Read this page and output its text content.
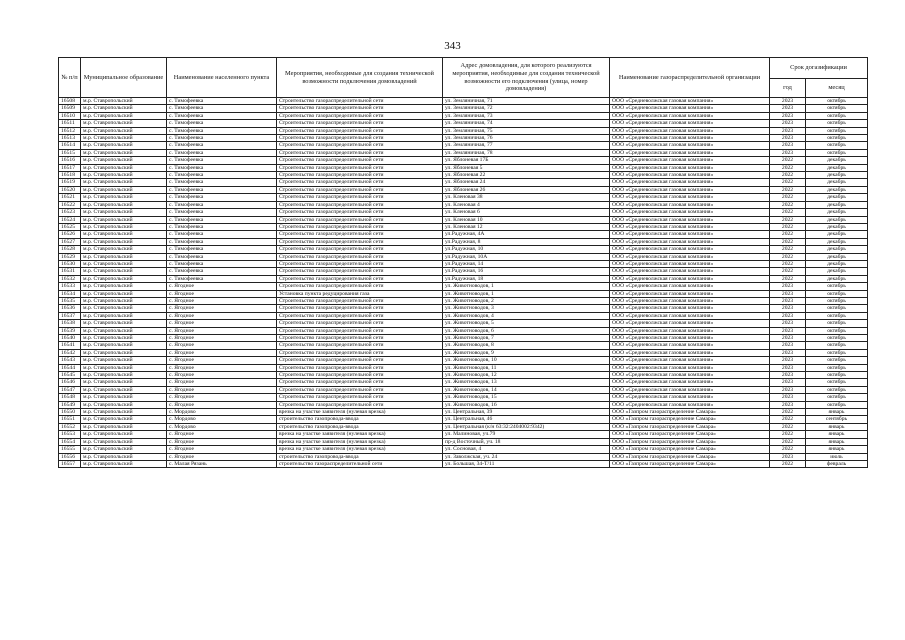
343
№ п/п	Муниципальное образование	Наименование населенного пункта	Мероприятия, необходимые для создания технической возможности подключения домовладений	Адрес домовладения, для которого реализуются мероприятия, необходимые для создания технической возможности его подключения (улица, номер домовладения)	Наименование газораспределительной организации	Срок догазификации	
						год	месяц
16508	м.р. Ставропольский	с. Тимофеевка	Строительство газораспределительной сети	ул. Земляничная, 71	ООО «Средневолжская газовая компания»	2023	октябрь
16509	м.р. Ставропольский	с. Тимофеевка	Строительство газораспределительной сети	ул. Земляничная, 72	ООО «Средневолжская газовая компания»	2023	октябрь
16510	м.р. Ставропольский	с. Тимофеевка	Строительство газораспределительной сети	ул. Земляничная, 73	ООО «Средневолжская газовая компания»	2023	октябрь
16511	м.р. Ставропольский	с. Тимофеевка	Строительство газораспределительной сети	ул. Земляничная, 74	ООО «Средневолжская газовая компания»	2023	октябрь
16512	м.р. Ставропольский	с. Тимофеевка	Строительство газораспределительной сети	ул. Земляничная, 75	ООО «Средневолжская газовая компания»	2023	октябрь
16513	м.р. Ставропольский	с. Тимофеевка	Строительство газораспределительной сети	ул. Земляничная, 76	ООО «Средневолжская газовая компания»	2023	октябрь
16514	м.р. Ставропольский	с. Тимофеевка	Строительство газораспределительной сети	ул. Земляничная, 77	ООО «Средневолжская газовая компания»	2023	октябрь
16515	м.р. Ставропольский	с. Тимофеевка	Строительство газораспределительной сети	ул. Земляничная, 78	ООО «Средневолжская газовая компания»	2023	октябрь
16516	м.р. Ставропольский	с. Тимофеевка	Строительство газораспределительной сети	ул. Яблоневая 17Б	ООО «Средневолжская газовая компания»	2022	декабрь
16517	м.р. Ставропольский	с. Тимофеевка	Строительство газораспределительной сети	ул. Яблоневая 5	ООО «Средневолжская газовая компания»	2022	декабрь
16518	м.р. Ставропольский	с. Тимофеевка	Строительство газораспределительной сети	ул. Яблоневая 22	ООО «Средневолжская газовая компания»	2022	декабрь
16519	м.р. Ставропольский	с. Тимофеевка	Строительство газораспределительной сети	ул. Яблоневая 24	ООО «Средневолжская газовая компания»	2022	декабрь
16520	м.р. Ставропольский	с. Тимофеевка	Строительство газораспределительной сети	ул. Яблоневая 26	ООО «Средневолжская газовая компания»	2022	декабрь
16521	м.р. Ставропольский	с. Тимофеевка	Строительство газораспределительной сети	ул. Кленовая 38	ООО «Средневолжская газовая компания»	2022	декабрь
16522	м.р. Ставропольский	с. Тимофеевка	Строительство газораспределительной сети	ул. Кленовая 4	ООО «Средневолжская газовая компания»	2022	декабрь
16523	м.р. Ставропольский	с. Тимофеевка	Строительство газораспределительной сети	ул. Кленовая 6	ООО «Средневолжская газовая компания»	2022	декабрь
16524	м.р. Ставропольский	с. Тимофеевка	Строительство газораспределительной сети	ул. Кленовая 10	ООО «Средневолжская газовая компания»	2022	декабрь
16525	м.р. Ставропольский	с. Тимофеевка	Строительство газораспределительной сети	ул. Кленовая 12	ООО «Средневолжская газовая компания»	2022	декабрь
16526	м.р. Ставропольский	с. Тимофеевка	Строительство газораспределительной сети	ул.Радужная, 4А	ООО «Средневолжская газовая компания»	2022	декабрь
16527	м.р. Ставропольский	с. Тимофеевка	Строительство газораспределительной сети	ул.Радужная, 8	ООО «Средневолжская газовая компания»	2022	декабрь
16528	м.р. Ставропольский	с. Тимофеевка	Строительство газораспределительной сети	ул.Радужная, 10	ООО «Средневолжская газовая компания»	2022	декабрь
16529	м.р. Ставропольский	с. Тимофеевка	Строительство газораспределительной сети	ул.Радужная, 10А	ООО «Средневолжская газовая компания»	2022	декабрь
16530	м.р. Ставропольский	с. Тимофеевка	Строительство газораспределительной сети	ул.Радужная, 14	ООО «Средневолжская газовая компания»	2022	декабрь
16531	м.р. Ставропольский	с. Тимофеевка	Строительство газораспределительной сети	ул.Радужная, 16	ООО «Средневолжская газовая компания»	2022	декабрь
16532	м.р. Ставропольский	с. Тимофеевка	Строительство газораспределительной сети	ул.Радужная, 18	ООО «Средневолжская газовая компания»	2022	декабрь
16533	м.р. Ставропольский	с. Ягодное	Строительство газораспределительной сети	ул. Животноводов, 1	ООО «Средневолжская газовая компания»	2023	октябрь
16534	м.р. Ставропольский	с. Ягодное	Установка пункта редуцирования газа	ул. Животноводов, 1	ООО «Средневолжская газовая компания»	2023	октябрь
16535	м.р. Ставропольский	с. Ягодное	Строительство газораспределительной сети	ул. Животноводов, 2	ООО «Средневолжская газовая компания»	2023	октябрь
16536	м.р. Ставропольский	с. Ягодное	Строительство газораспределительной сети	ул. Животноводов, 3	ООО «Средневолжская газовая компания»	2023	октябрь
16537	м.р. Ставропольский	с. Ягодное	Строительство газораспределительной сети	ул. Животноводов, 4	ООО «Средневолжская газовая компания»	2023	октябрь
16538	м.р. Ставропольский	с. Ягодное	Строительство газораспределительной сети	ул. Животноводов, 5	ООО «Средневолжская газовая компания»	2023	октябрь
16539	м.р. Ставропольский	с. Ягодное	Строительство газораспределительной сети	ул. Животноводов, 6	ООО «Средневолжская газовая компания»	2023	октябрь
16540	м.р. Ставропольский	с. Ягодное	Строительство газораспределительной сети	ул. Животноводов, 7	ООО «Средневолжская газовая компания»	2023	октябрь
16541	м.р. Ставропольский	с. Ягодное	Строительство газораспределительной сети	ул. Животноводов, 8	ООО «Средневолжская газовая компания»	2023	октябрь
16542	м.р. Ставропольский	с. Ягодное	Строительство газораспределительной сети	ул. Животноводов, 9	ООО «Средневолжская газовая компания»	2023	октябрь
16543	м.р. Ставропольский	с. Ягодное	Строительство газораспределительной сети	ул. Животноводов, 10	ООО «Средневолжская газовая компания»	2023	октябрь
16544	м.р. Ставропольский	с. Ягодное	Строительство газораспределительной сети	ул. Животноводов, 11	ООО «Средневолжская газовая компания»	2023	октябрь
16545	м.р. Ставропольский	с. Ягодное	Строительство газораспределительной сети	ул. Животноводов, 12	ООО «Средневолжская газовая компания»	2023	октябрь
16546	м.р. Ставропольский	с. Ягодное	Строительство газораспределительной сети	ул. Животноводов, 13	ООО «Средневолжская газовая компания»	2023	октябрь
16547	м.р. Ставропольский	с. Ягодное	Строительство газораспределительной сети	ул. Животноводов, 14	ООО «Средневолжская газовая компания»	2023	октябрь
16548	м.р. Ставропольский	с. Ягодное	Строительство газораспределительной сети	ул. Животноводов, 15	ООО «Средневолжская газовая компания»	2023	октябрь
16549	м.р. Ставропольский	с. Ягодное	Строительство газораспределительной сети	ул. Животноводов, 16	ООО «Средневолжская газовая компания»	2023	октябрь
16550	м.р. Ставропольский	с. Мордово	врезка на участке заявителя (нулевая врезка)	ул. Центральная, 39	ООО «Газпром газораспределение Самара»	2022	январь
16551	м.р. Ставропольский	с. Мордово	строительство газопровода-ввода	ул. Центральная, 46	ООО «Газпром газораспределение Самара»	2022	сентябрь
16552	м.р. Ставропольский	с. Мордово	строительство газопровода-ввода	ул. Центральная (к/н 63:32:2404002:9342)	ООО «Газпром газораспределение Самара»	2022	январь
16553	м.р. Ставропольский	с. Ягодное	врезка на участке заявителя (нулевая врезка)	ул. Малиновая, уч.79	ООО «Газпром газораспределение Самара»	2022	январь
16554	м.р. Ставропольский	с. Ягодное	врезка на участке заявителя (нулевая врезка)	пр-д Восточный, уч. 18	ООО «Газпром газораспределение Самара»	2022	январь
16555	м.р. Ставропольский	с. Ягодное	врезка на участке заявителя (нулевая врезка)	ул. Сосновая, 4	ООО «Газпром газораспределение Самара»	2022	январь
16556	м.р. Ставропольский	с. Ягодное	строительство газопровода-ввода	ул. Заволжская, уч. 24	ООО «Газпром газораспределение Самара»	2023	июль
16557	м.р. Ставропольский	с. Малая Рязань	строительство газораспределительной сети	ул. Большая, 34-Т/11	ООО «Газпром газораспределение Самара»	2022	февраль
